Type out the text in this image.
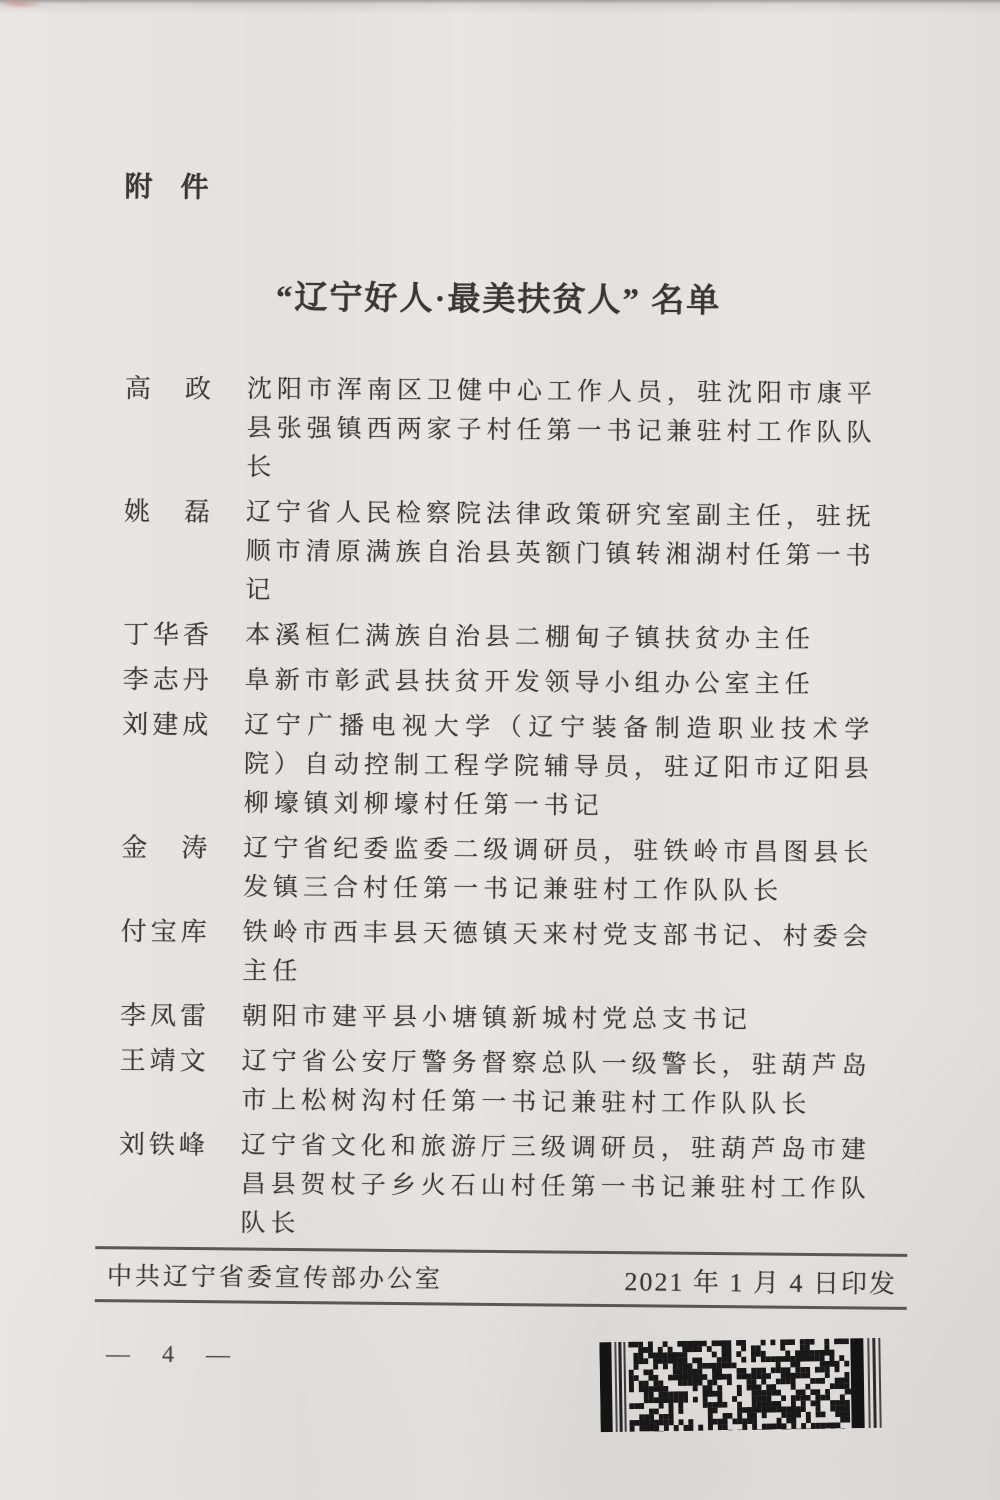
附　件
“辽宁好人·最美扶贫人” 名单
高　政 沈阳市浑南区卫健中心工作人员，驻沈阳市康平县张强镇西两家子村任第一书记兼驻村工作队队长
姚　磊 辽宁省人民检察院法律政策研究室副主任，驻抚顺市清原满族自治县英额门镇转湘湖村任第一书记
丁华香 本溪桓仁满族自治县二棚甸子镇扶贫办主任
李志丹 阜新市彰武县扶贫开发领导小组办公室主任
刘建成 辽宁广播电视大学（辽宁装备制造职业技术学院）自动控制工程学院辅导员，驻辽阳市辽阳县柳壕镇刘柳壕村任第一书记
金　涛 辽宁省纪委监委二级调研员，驻铁岭市昌图县长发镇三合村任第一书记兼驻村工作队队长
付宝库 铁岭市西丰县天德镇天来村党支部书记、村委会主任
李凤雷 朝阳市建平县小塘镇新城村党总支书记
王靖文 辽宁省公安厅警务督察总队一级警长，驻葫芦岛市上松树沟村任第一书记兼驻村工作队队长
刘铁峰 辽宁省文化和旅游厅三级调研员，驻葫芦岛市建昌县贺杖子乡火石山村任第一书记兼驻村工作队队长
中共辽宁省委宣传部办公室	2021 年 1 月 4 日印发
— 4 —
